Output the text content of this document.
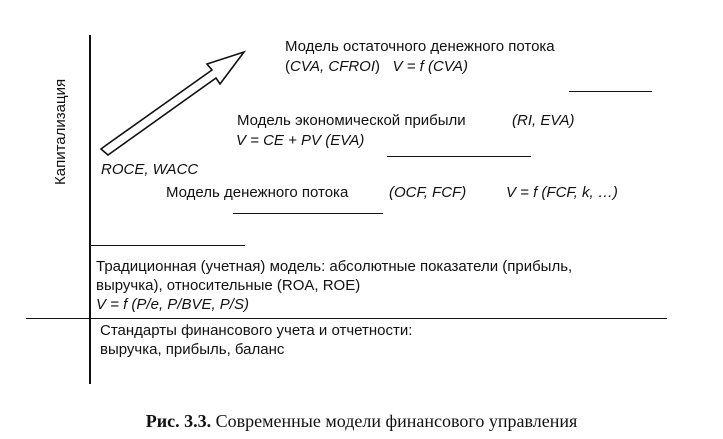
Капитализация
Модель остаточного денежного потока
(CVA, CFROI) V = f (CVA)
Модель экономической прибыли	(RI, EVA)
V = CE + PV (EVA)
ROCE, WACC
Модель денежного потока	(OCF, FCF)	V = f (FCF, k, …)
Традиционная (учетная) модель: абсолютные показатели (прибыль,
выручка), относительные (ROA, ROE)
V = f (P/e, P/BVE, P/S)
Стандарты финансового учета и отчетности:
выручка, прибыль, баланс
Рис. 3.3. Современные модели финансового управления
